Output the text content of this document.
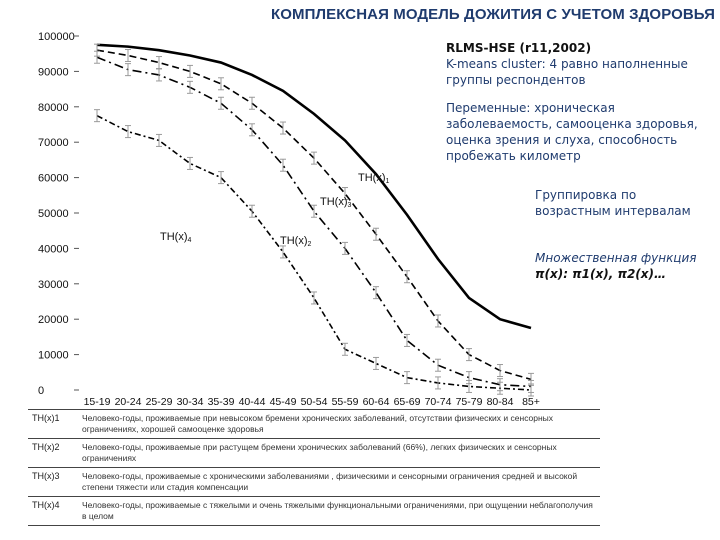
КОМПЛЕКСНАЯ МОДЕЛЬ ДОЖИТИЯ С УЧЕТОМ ЗДОРОВЬЯ
0
10000
20000
30000
40000
50000
60000
70000
80000
90000
100000
15-19 20-24 25-29 30-34 35-39 40-44 45-49 50-54 55-59 60-64 65-69 70-74 75-79 80-84 85+
TH(x)1
TH(x)3
TH(x)2
TH(x)4
RLMS-HSE (r11,2002)
K-means cluster: 4 равно наполненные группы респондентов
Переменные: хроническая заболеваемость, самооценка здоровья, оценка зрения и слуха, способность пробежать километр
Группировка по возрастным интервалам
Множественная функция
π(x): π1(x), π2(x)…
TH(x)1	Человеко-годы, проживаемые при невысоком бремени хронических заболеваний, отсутствии физических и сенсорных ограничениях, хорошей самооценке здоровья
TH(x)2	Человеко-годы, проживаемые при растущем бремени хронических заболеваний (66%), легких физических и сенсорных ограничениях
TH(x)3	Человеко-годы, проживаемые с хроническими заболеваниями , физическими и сенсорными ограничения средней и высокой степени тяжести или стадия компенсации
TH(x)4	Человеко-годы, проживаемые с тяжелыми и очень тяжелыми функциональными ограничениями, при ощущении неблагополучия в целом
